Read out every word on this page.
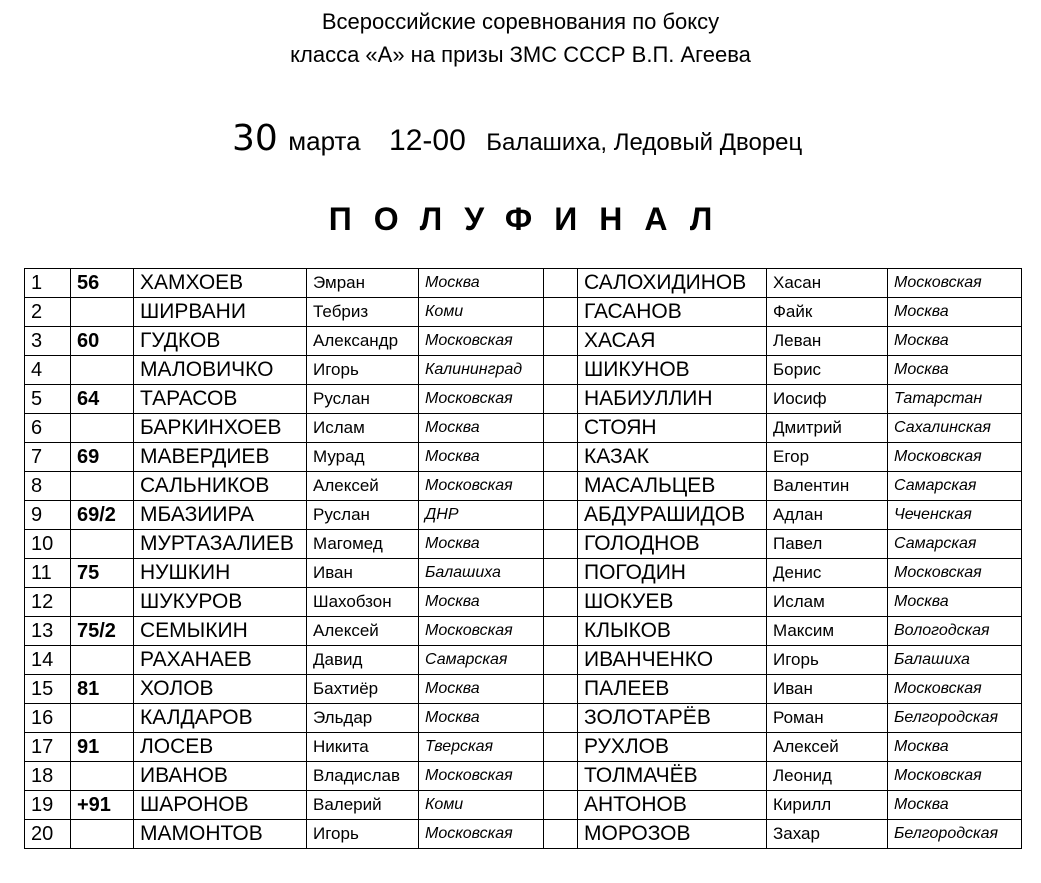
Всероссийские соревнования по боксу
класса «А» на призы ЗМС СССР В.П. Агеева
30 марта 12-00 Балашиха, Ледовый Дворец
ПОЛУФИНАЛ
1	56	ХАМХОЕВ	Эмран	Москва		САЛОХИДИНОВ	Хасан	Московская
2		ШИРВАНИ	Тебриз	Коми		ГАСАНОВ	Файк	Москва
3	60	ГУДКОВ	Александр	Московская		ХАСАЯ	Леван	Москва
4		МАЛОВИЧКО	Игорь	Калининград		ШИКУНОВ	Борис	Москва
5	64	ТАРАСОВ	Руслан	Московская		НАБИУЛЛИН	Иосиф	Татарстан
6		БАРКИНХОЕВ	Ислам	Москва		СТОЯН	Дмитрий	Сахалинская
7	69	МАВЕРДИЕВ	Мурад	Москва		КАЗАК	Егор	Московская
8		САЛЬНИКОВ	Алексей	Московская		МАСАЛЬЦЕВ	Валентин	Самарская
9	69/2	МБАЗИИРА	Руслан	ДНР		АБДУРАШИДОВ	Адлан	Чеченская
10		МУРТАЗАЛИЕВ	Магомед	Москва		ГОЛОДНОВ	Павел	Самарская
11	75	НУШКИН	Иван	Балашиха		ПОГОДИН	Денис	Московская
12		ШУКУРОВ	Шахобзон	Москва		ШОКУЕВ	Ислам	Москва
13	75/2	СЕМЫКИН	Алексей	Московская		КЛЫКОВ	Максим	Вологодская
14		РАХАНАЕВ	Давид	Самарская		ИВАНЧЕНКО	Игорь	Балашиха
15	81	ХОЛОВ	Бахтиёр	Москва		ПАЛЕЕВ	Иван	Московская
16		КАЛДАРОВ	Эльдар	Москва		ЗОЛОТАРЁВ	Роман	Белгородская
17	91	ЛОСЕВ	Никита	Тверская		РУХЛОВ	Алексей	Москва
18		ИВАНОВ	Владислав	Московская		ТОЛМАЧЁВ	Леонид	Московская
19	+91	ШАРОНОВ	Валерий	Коми		АНТОНОВ	Кирилл	Москва
20		МАМОНТОВ	Игорь	Московская		МОРОЗОВ	Захар	Белгородская
